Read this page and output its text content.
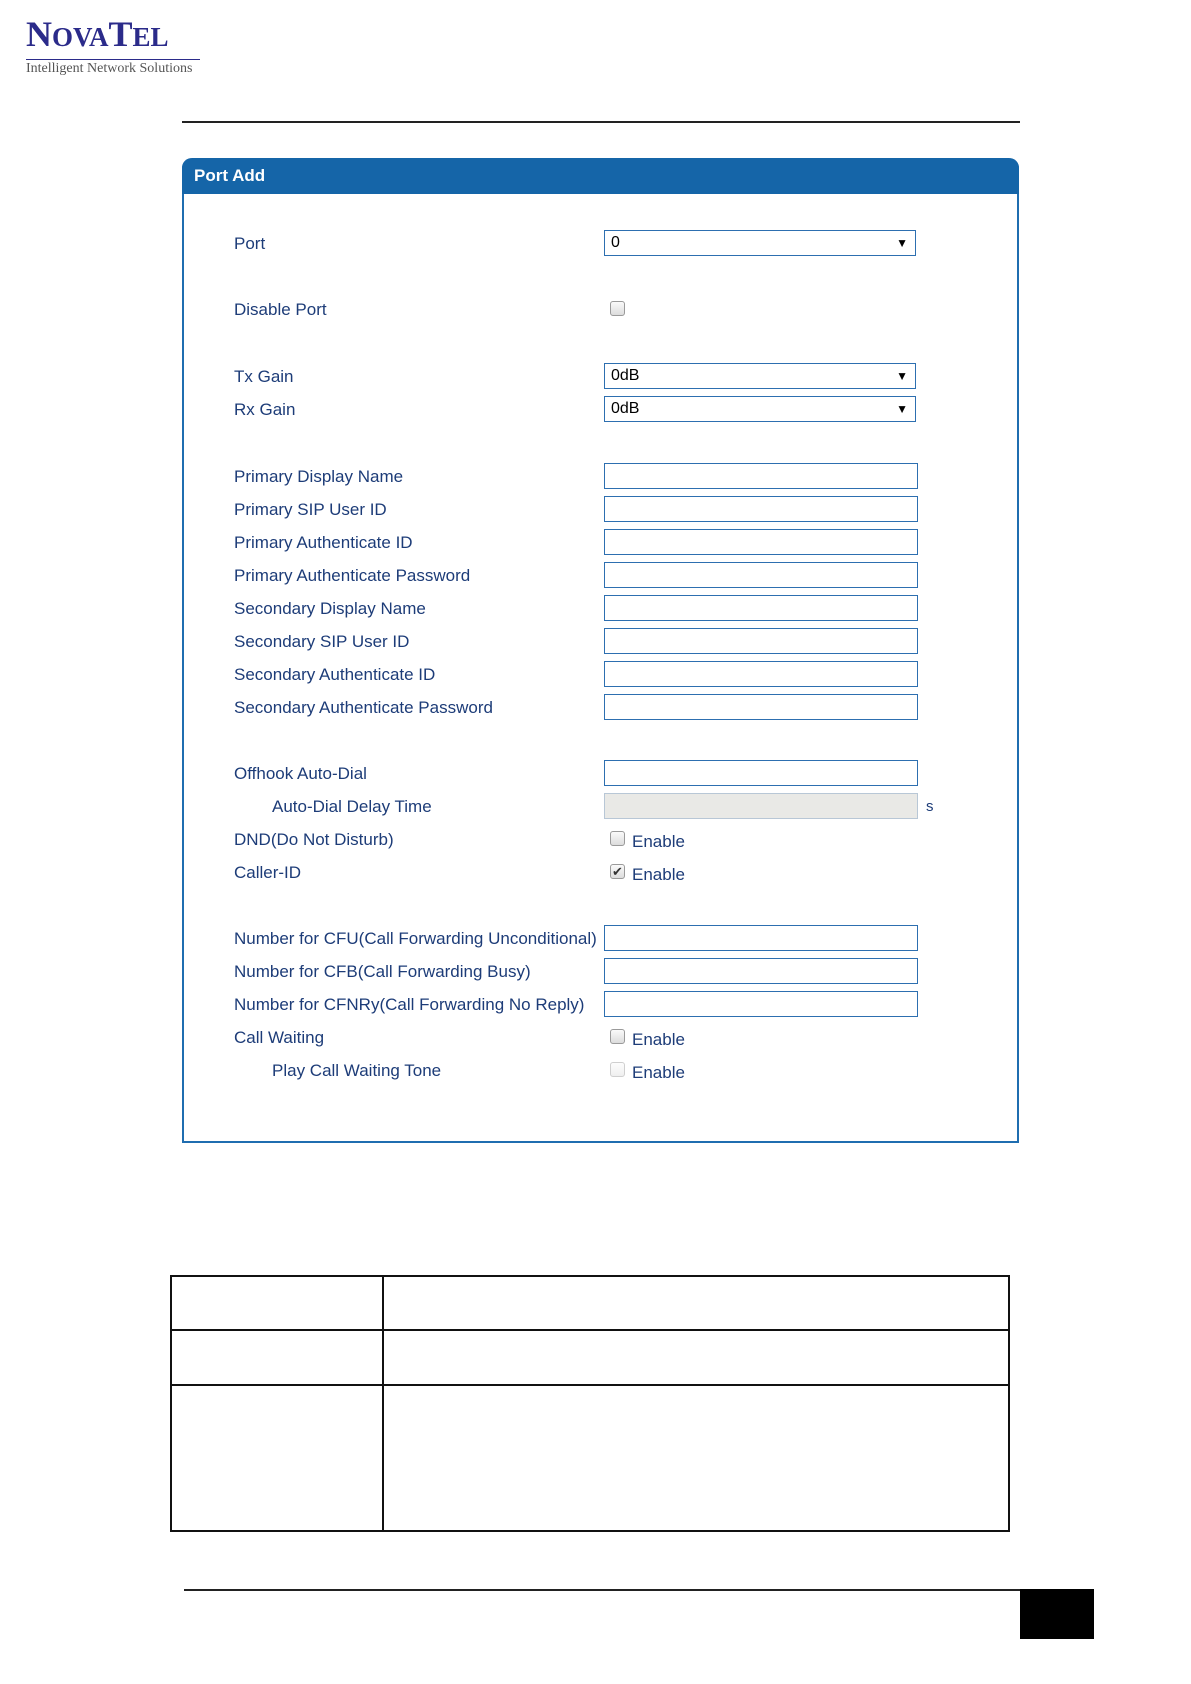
NOVATEL
Intelligent Network Solutions
Port Add
Port	0	▼
Disable Port
Tx Gain	0dB	▼
Rx Gain	0dB	▼
Primary Display Name
Primary SIP User ID
Primary Authenticate ID
Primary Authenticate Password
Secondary Display Name
Secondary SIP User ID
Secondary Authenticate ID
Secondary Authenticate Password
Offhook Auto-Dial
Auto-Dial Delay Time	s
DND(Do Not Disturb)	Enable
Caller-ID	✔ Enable
Number for CFU(Call Forwarding Unconditional)
Number for CFB(Call Forwarding Busy)
Number for CFNRy(Call Forwarding No Reply)
Call Waiting	Enable
Play Call Waiting Tone	Enable
